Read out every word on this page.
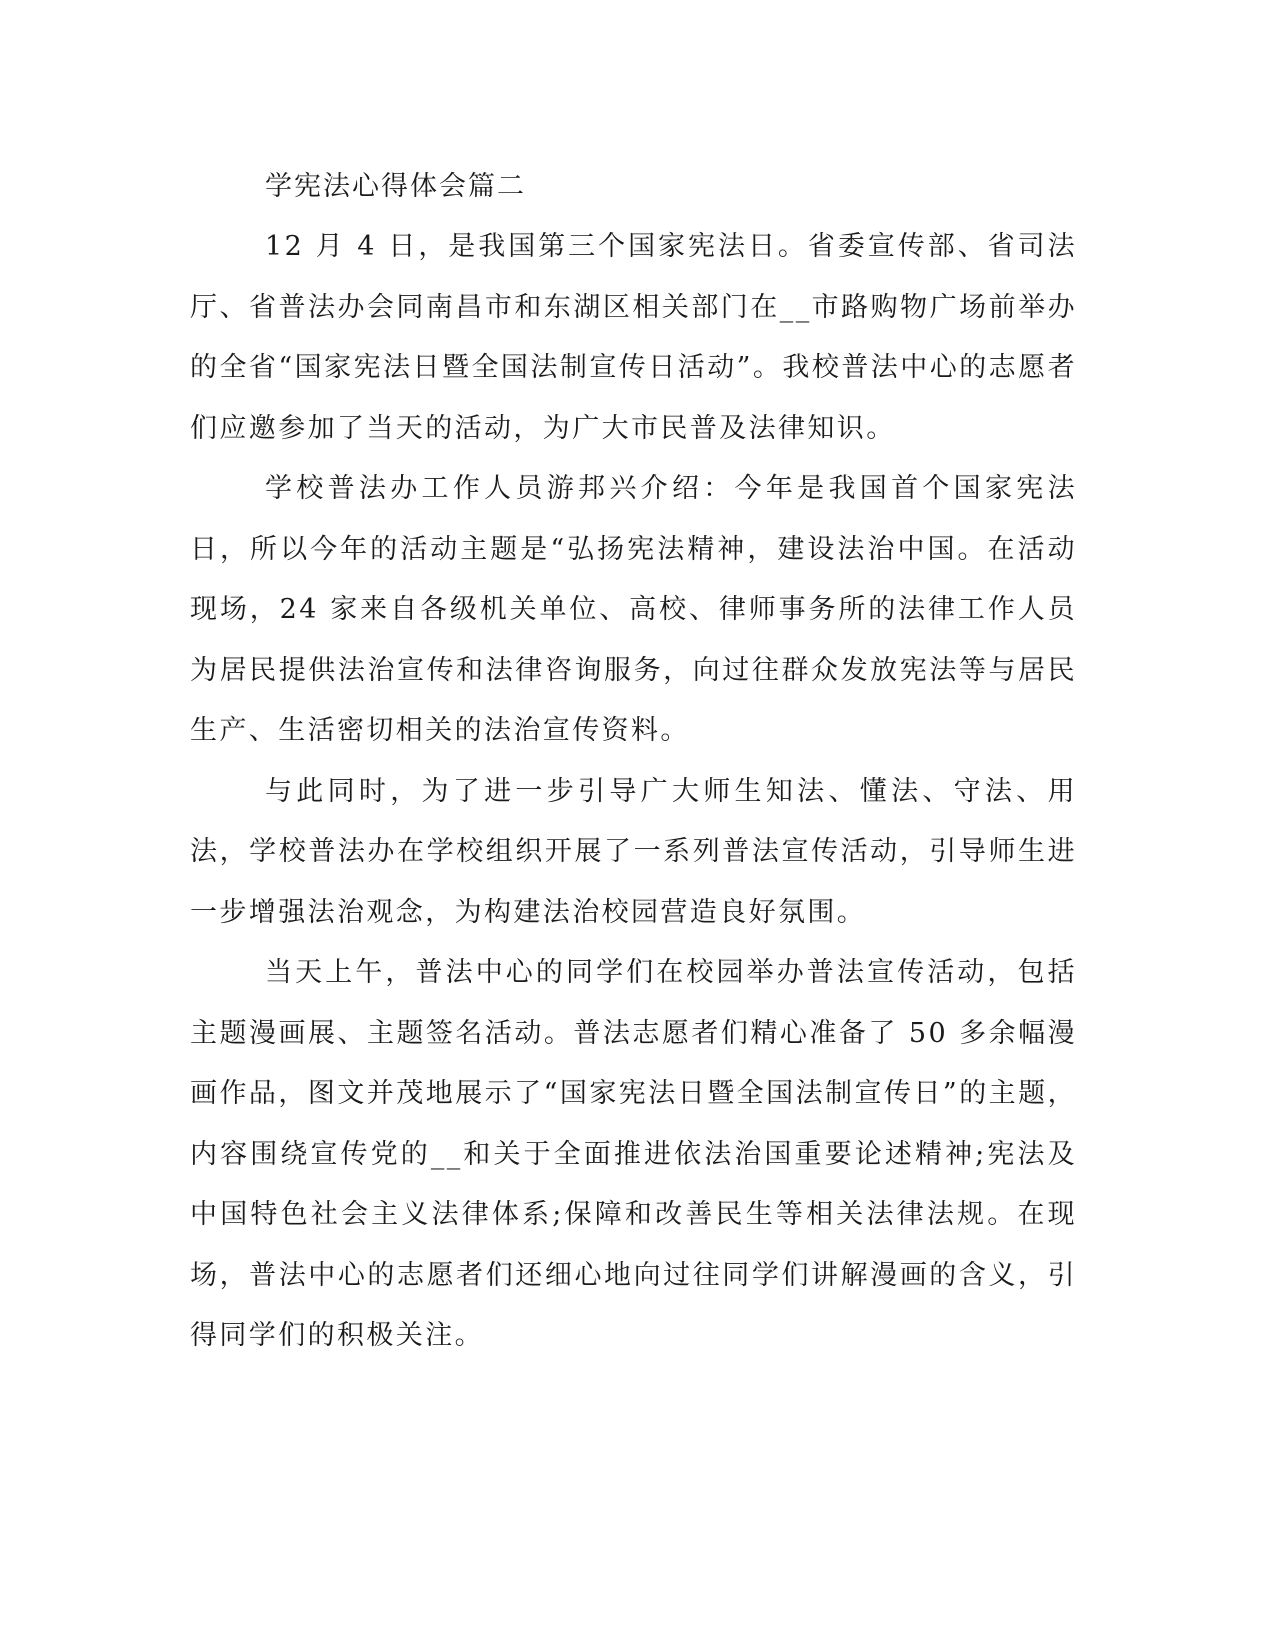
学宪法心得体会篇二

12 月 4 日，是我国第三个国家宪法日。省委宣传部、省司法厅、省普法办会同南昌市和东湖区相关部门在__市路购物广场前举办的全省“国家宪法日暨全国法制宣传日活动”。我校普法中心的志愿者们应邀参加了当天的活动，为广大市民普及法律知识。

学校普法办工作人员游邦兴介绍：今年是我国首个国家宪法日，所以今年的活动主题是“弘扬宪法精神，建设法治中国。在活动现场，24 家来自各级机关单位、高校、律师事务所的法律工作人员为居民提供法治宣传和法律咨询服务，向过往群众发放宪法等与居民生产、生活密切相关的法治宣传资料。

与此同时，为了进一步引导广大师生知法、懂法、守法、用法，学校普法办在学校组织开展了一系列普法宣传活动，引导师生进一步增强法治观念，为构建法治校园营造良好氛围。

当天上午，普法中心的同学们在校园举办普法宣传活动，包括主题漫画展、主题签名活动。普法志愿者们精心准备了 50 多余幅漫画作品，图文并茂地展示了“国家宪法日暨全国法制宣传日”的主题，内容围绕宣传党的__和关于全面推进依法治国重要论述精神;宪法及中国特色社会主义法律体系;保障和改善民生等相关法律法规。在现场，普法中心的志愿者们还细心地向过往同学们讲解漫画的含义，引得同学们的积极关注。
